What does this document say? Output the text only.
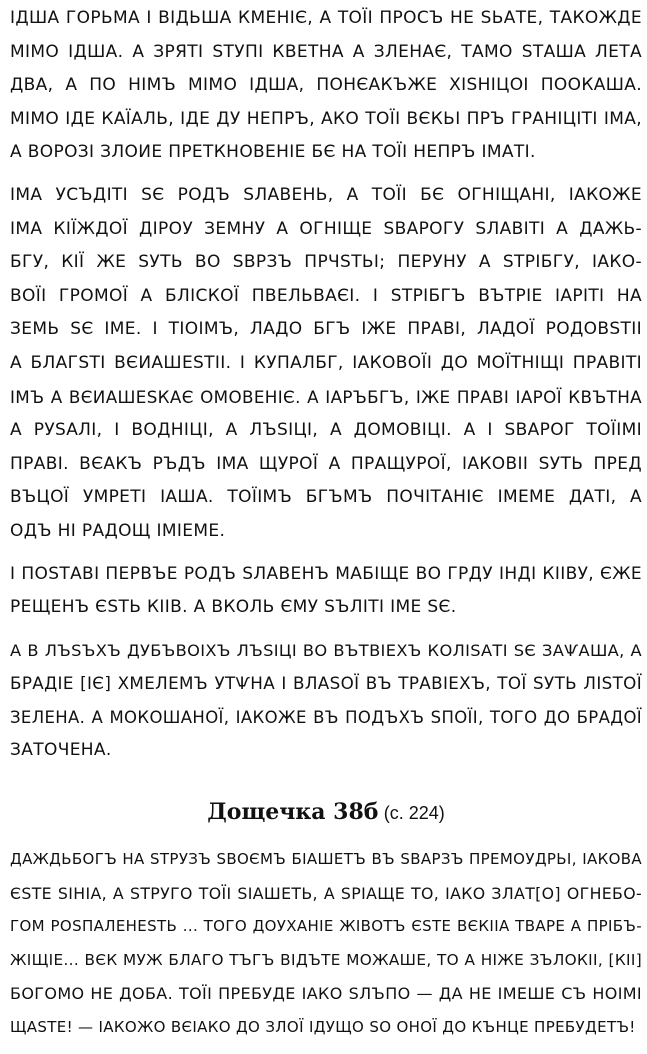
ІДША ГОРЬМА І ВІДЬША КМЕНІЄ, А ТОЇІ ПРОСЪ НЕ ЅЬАТЕ, ТАКОЖДЕ
МІМО ІДША. А ЗРЯТІ ЅТУПІ КВЕТНА А ЗЛЕНАЄ, ТАМО ЅТАША ЛЕТА
ДВА, А ПО НІМЪ МІМО ІДША, ПОНЄАКЪЖЕ ХІЅНІЦОІ ПООКАША.
МІМО ІДЕ КАЇАЛЬ, ІДЕ ДУ НЕПРЪ, АКО ТОЇІ ВЄКЬІ ПРЪ ГРАНІЦІТІ ІМА,
А ВОРОЗІ ЗЛОИЕ ПРЕТКНОВЕНІЕ БЄ НА ТОЇІ НЕПРЪ ІМАТІ.

ІМА УСЪДІТІ ЅЄ РОДЪ ЅЛАВЕНЬ, А ТОЇІ БЄ ОГНІЩАНІ, ІАКОЖЕ
ІМА КІЇЖДОЇ ДІРОУ ЗЕМНУ А ОГНІЩЕ ЅВАРОГУ ЅЛАВІТІ А ДАЖЬ-
БГУ, КІЇ ЖЕ ЅУТЬ ВО ЅВРЗЪ ПРЧЅТЬІ; ПЕРУНУ А ЅТРІБГУ, ІАКО-
ВОЇІ ГРОМОЇ А БЛІСКОЇ ПВЕЛЬВАЄІ. І ЅТРІБГЪ ВЪТРІЕ ІАРІТІ НА
ЗЕМЬ ЅЄ ІМЕ. І ТІОІМЪ, ЛАДО БГЪ ІЖЕ ПРАВІ, ЛАДОЇ РОДОВЅТІІ
А БЛАГЅТІ ВЄИАШЕЅТІІ. І КУПАЛБГ, ІАКОВОЇІ ДО МОЇТНІЩІ ПРАВІТІ
ІМЪ А ВЄИАШЕЅКАЄ ОМОВЕНІЄ. А ІАРЪБГЪ, ІЖЕ ПРАВІ ІАРОЇ КВЪТНА
А РУЅАЛІ, І ВОДНІЦІ, А ЛЪЅІЦІ, А ДОМОВІЦІ. А І ЅВАРОГ ТОЇІМІ
ПРАВІ. ВЄАКЪ РЪДЪ ІМА ЩУРОЇ А ПРАЩУРОЇ, ІАКОВІІ ЅУТЬ ПРЕД
ВЪЦОЇ УМРЕТІ ІАША. ТОЇІМЪ БГЪМЪ ПОЧІТАНІЄ ІМЕМЕ ДАТІ, А
ОДЪ НІ РАДОЩ ІМІЕМЕ.

І ПОЅТАВІ ПЕРВЪЕ РОДЪ ЅЛАВЕНЪ МАБІЩЕ ВО ГРДУ ІНДІ КІІВУ, ЄЖЕ
РЕЩЕНЪ ЄЅТЬ КІІВ. А ВКОЛЬ ЄМУ ЅЪЛІТІ ІМЕ ЅЄ.

А В ЛЪЅЪХЪ ДУБЪВОІХЪ ЛЪЅІЦІ ВО ВЪТВІЕХЪ КОЛІЅАТІ ЅЄ ЗАѰАША, А
БРАДІЕ [ІЄ] ХМЕЛЕМЪ УТѰНА І ВЛАЅОЇ ВЪ ТРАВІЕХЪ, ТОЇ ЅУТЬ ЛІЅТОЇ
ЗЕЛЕНА. А МОКОШАНОЇ, ІАКОЖЕ ВЪ ПОДЪХЪ ЅПОЇІ, ТОГО ДО БРАДОЇ
ЗАТОЧЕНА.

Дощечка 38б (с. 224)

ДАЖДЬБОГЪ НА ЅТРУЗЪ ЅВОЄМЪ БІАШЕТЪ ВЪ ЅВАРЗЪ ПРЕМОУДРЬІ, ІАКОВА
ЄЅТЕ ЅІНІА, А ЅТРУГО ТОЇІ ЅІАШЕТЬ, А ЅРІАЩЕ ТО, ІАКО ЗЛАТ[О] ОГНЕБО-
ГОМ РОЅПАЛЕНЕЅТЬ ... ТОГО ДОУХАНІЕ ЖІВОТЪ ЄЅТЕ ВЄКІІА ТВАРЕ А ПРІБЪ-
ЖІЩІЕ... ВЄК МУЖ БЛАГО ТЪГЪ ВІДЪТЕ МОЖАШЕ, ТО А НІЖЕ ЗЪЛОКІІ, [КІІ]
БОГОМО НЕ ДОБА. ТОЇІ ПРЕБУДЕ ІАКО ЅЛЪПО — ДА НЕ ІМЕШЕ СЪ НОІМІ
ЩАЅТЕ! — ІАКОЖО ВЄІАКО ДО ЗЛОЇ ІДУЩО ЅО ОНОЇ ДО КЪНЦЕ ПРЕБУДЕТЪ!
